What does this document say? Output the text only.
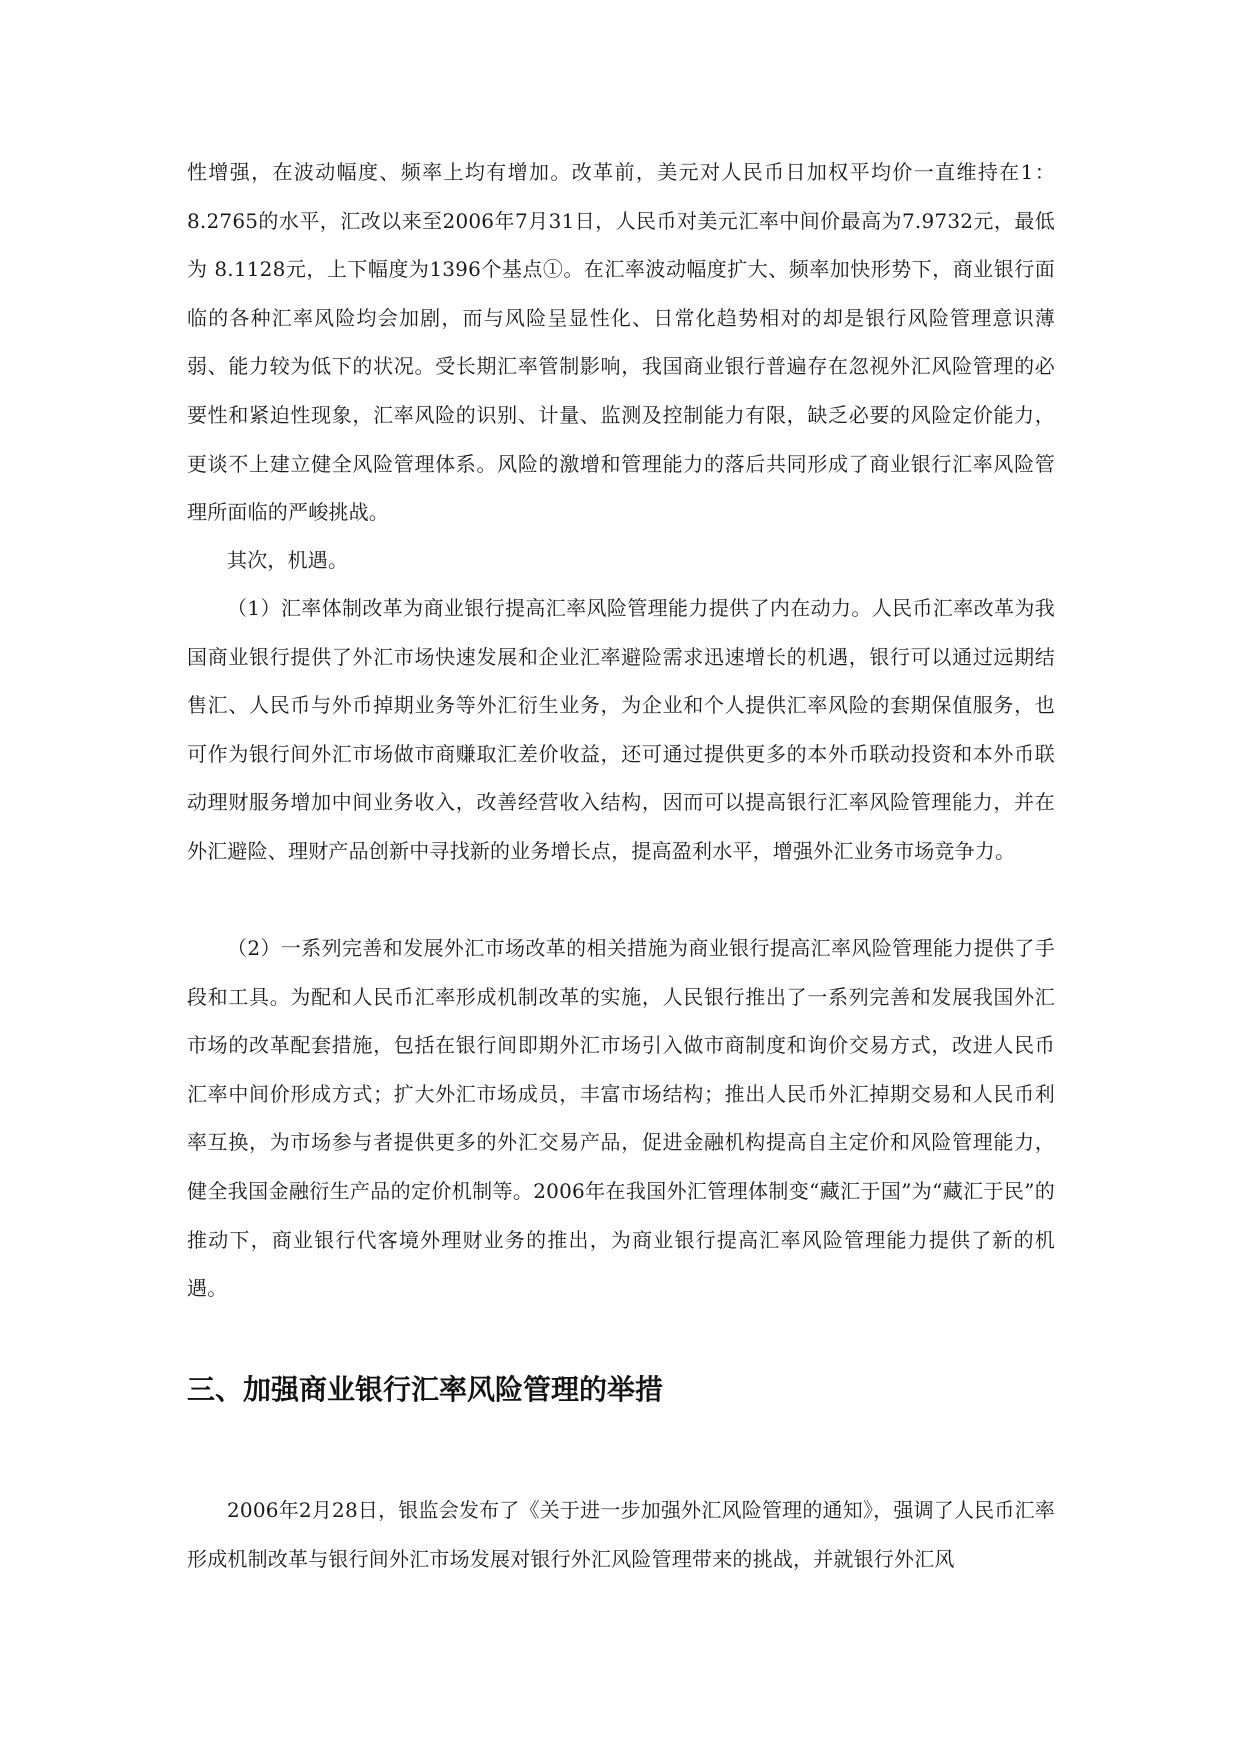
性增强，在波动幅度、频率上均有增加。改革前，美元对人民币日加权平均价一直维持在1：8.2765的水平，汇改以来至2006年7月31日，人民币对美元汇率中间价最高为7.9732元，最低为 8.1128元，上下幅度为1396个基点①。在汇率波动幅度扩大、频率加快形势下，商业银行面临的各种汇率风险均会加剧，而与风险呈显性化、日常化趋势相对的却是银行风险管理意识薄弱、能力较为低下的状况。受长期汇率管制影响，我国商业银行普遍存在忽视外汇风险管理的必要性和紧迫性现象，汇率风险的识别、计量、监测及控制能力有限，缺乏必要的风险定价能力，更谈不上建立健全风险管理体系。风险的激增和管理能力的落后共同形成了商业银行汇率风险管理所面临的严峻挑战。

其次，机遇。

（1）汇率体制改革为商业银行提高汇率风险管理能力提供了内在动力。人民币汇率改革为我国商业银行提供了外汇市场快速发展和企业汇率避险需求迅速增长的机遇，银行可以通过远期结售汇、人民币与外币掉期业务等外汇衍生业务，为企业和个人提供汇率风险的套期保值服务，也可作为银行间外汇市场做市商赚取汇差价收益，还可通过提供更多的本外币联动投资和本外币联动理财服务增加中间业务收入，改善经营收入结构，因而可以提高银行汇率风险管理能力，并在外汇避险、理财产品创新中寻找新的业务增长点，提高盈利水平，增强外汇业务市场竞争力。

（2）一系列完善和发展外汇市场改革的相关措施为商业银行提高汇率风险管理能力提供了手段和工具。为配和人民币汇率形成机制改革的实施，人民银行推出了一系列完善和发展我国外汇市场的改革配套措施，包括在银行间即期外汇市场引入做市商制度和询价交易方式，改进人民币汇率中间价形成方式；扩大外汇市场成员，丰富市场结构；推出人民币外汇掉期交易和人民币利率互换，为市场参与者提供更多的外汇交易产品，促进金融机构提高自主定价和风险管理能力，健全我国金融衍生产品的定价机制等。2006年在我国外汇管理体制变“藏汇于国”为“藏汇于民”的推动下，商业银行代客境外理财业务的推出，为商业银行提高汇率风险管理能力提供了新的机遇。

三、加强商业银行汇率风险管理的举措

2006年2月28日，银监会发布了《关于进一步加强外汇风险管理的通知》，强调了人民币汇率形成机制改革与银行间外汇市场发展对银行外汇风险管理带来的挑战，并就银行外汇风
